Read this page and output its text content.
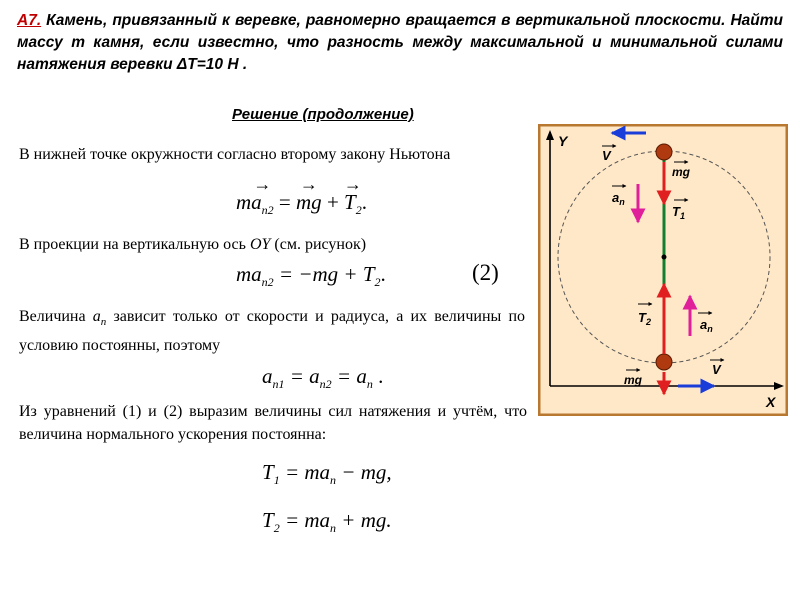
А7. Камень, привязанный к веревке, равномерно вращается в вертикальной плоскости. Найти массу m камня, если известно, что разность между максимальной и минимальной силами натяжения веревки ΔT=10 Н .
Решение (продолжение)
В нижней точке окружности согласно второму закону Ньютона
$m\to a_{n2}$ = → mg + → $T_2$.
В проекции на вертикальную ось OY (см. рисунок)
$ma_{n2} = -mg + T_2$.	(2)
Величина $a_n$ зависит только от скорости и радиуса, а их величины по условию постоянны, поэтому
$a_{n1} = a_{n2} = a_n$ .
Из уравнений (1) и (2) выразим величины сил натяжения и учтём, что величина нормального ускорения постоянна:
$T_1 = ma_n$ − mg,
$T_2 = ma_n$ + mg.
Y
X
V
mg
$a_n$
$T_1$
$T_2$	$a_n$
mg
V
